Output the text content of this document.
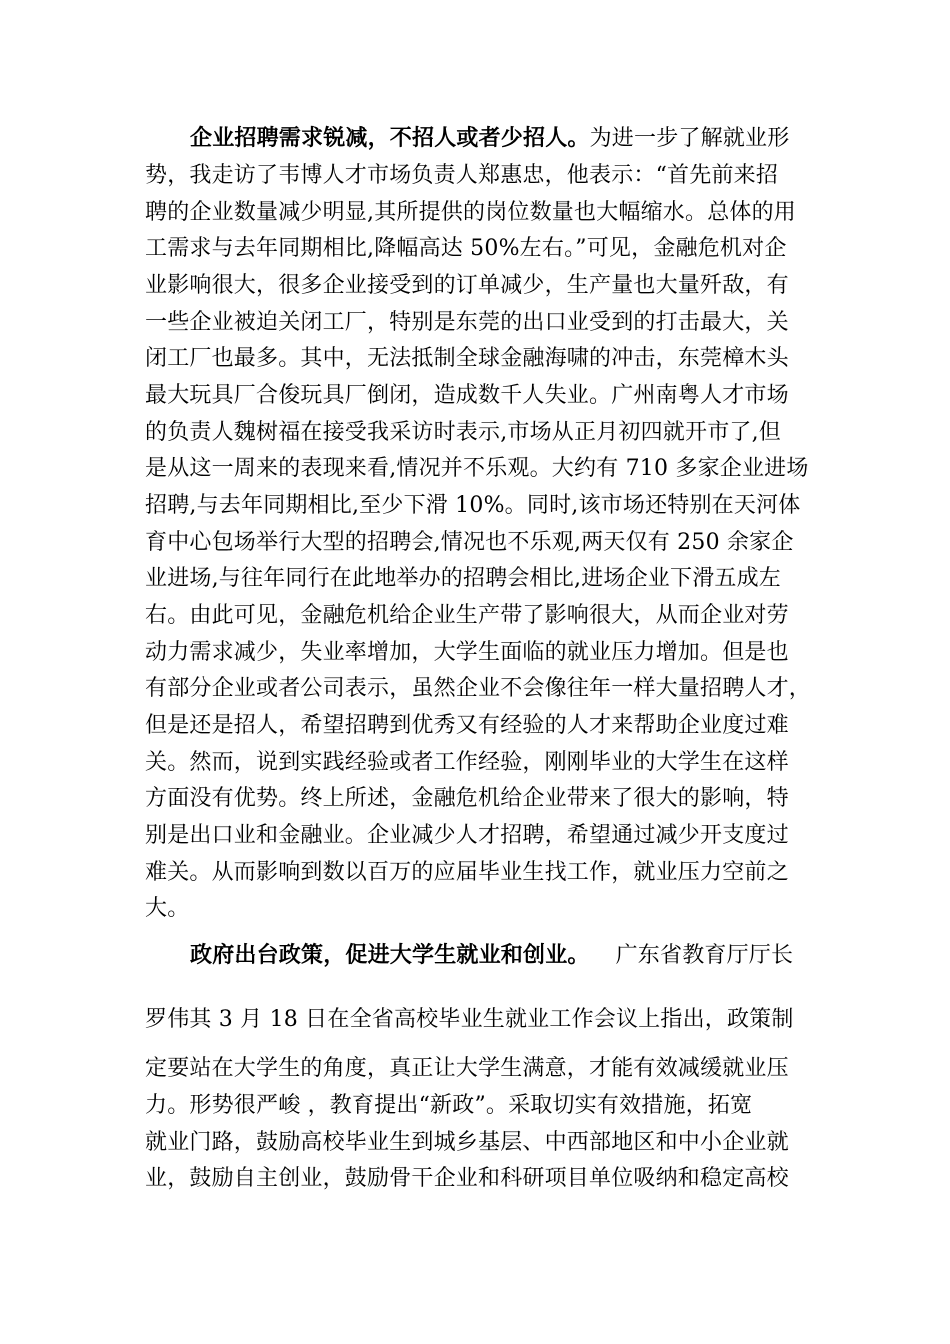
企业招聘需求锐减，不招人或者少招人。为进一步了解就业形
势，我走访了韦博人才市场负责人郑惠忠，他表示：“首先前来招
聘的企业数量减少明显,其所提供的岗位数量也大幅缩水。总体的用
工需求与去年同期相比,降幅高达 50%左右。”可见，金融危机对企
业影响很大，很多企业接受到的订单减少，生产量也大量歼敌，有
一些企业被迫关闭工厂，特别是东莞的出口业受到的打击最大，关
闭工厂也最多。其中，无法抵制全球金融海啸的冲击，东莞樟木头
最大玩具厂合俊玩具厂倒闭，造成数千人失业。广州南粤人才市场
的负责人魏树福在接受我采访时表示,市场从正月初四就开市了,但
是从这一周来的表现来看,情况并不乐观。大约有 710 多家企业进场
招聘,与去年同期相比,至少下滑 10%。同时,该市场还特别在天河体
育中心包场举行大型的招聘会,情况也不乐观,两天仅有 250 余家企
业进场,与往年同行在此地举办的招聘会相比,进场企业下滑五成左
右。由此可见，金融危机给企业生产带了影响很大，从而企业对劳
动力需求减少，失业率增加，大学生面临的就业压力增加。但是也
有部分企业或者公司表示，虽然企业不会像往年一样大量招聘人才，
但是还是招人，希望招聘到优秀又有经验的人才来帮助企业度过难
关。然而，说到实践经验或者工作经验，刚刚毕业的大学生在这样
方面没有优势。终上所述，金融危机给企业带来了很大的影响，特
别是出口业和金融业。企业减少人才招聘，希望通过减少开支度过
难关。从而影响到数以百万的应届毕业生找工作，就业压力空前之
大。
政府出台政策，促进大学生就业和创业。 广东省教育厅厅长
罗伟其 3 月 18 日在全省高校毕业生就业工作会议上指出，政策制
定要站在大学生的角度，真正让大学生满意，才能有效减缓就业压
力。形势很严峻 ，教育提出“新政”。采取切实有效措施，拓宽
就业门路，鼓励高校毕业生到城乡基层、中西部地区和中小企业就
业，鼓励自主创业，鼓励骨干企业和科研项目单位吸纳和稳定高校
